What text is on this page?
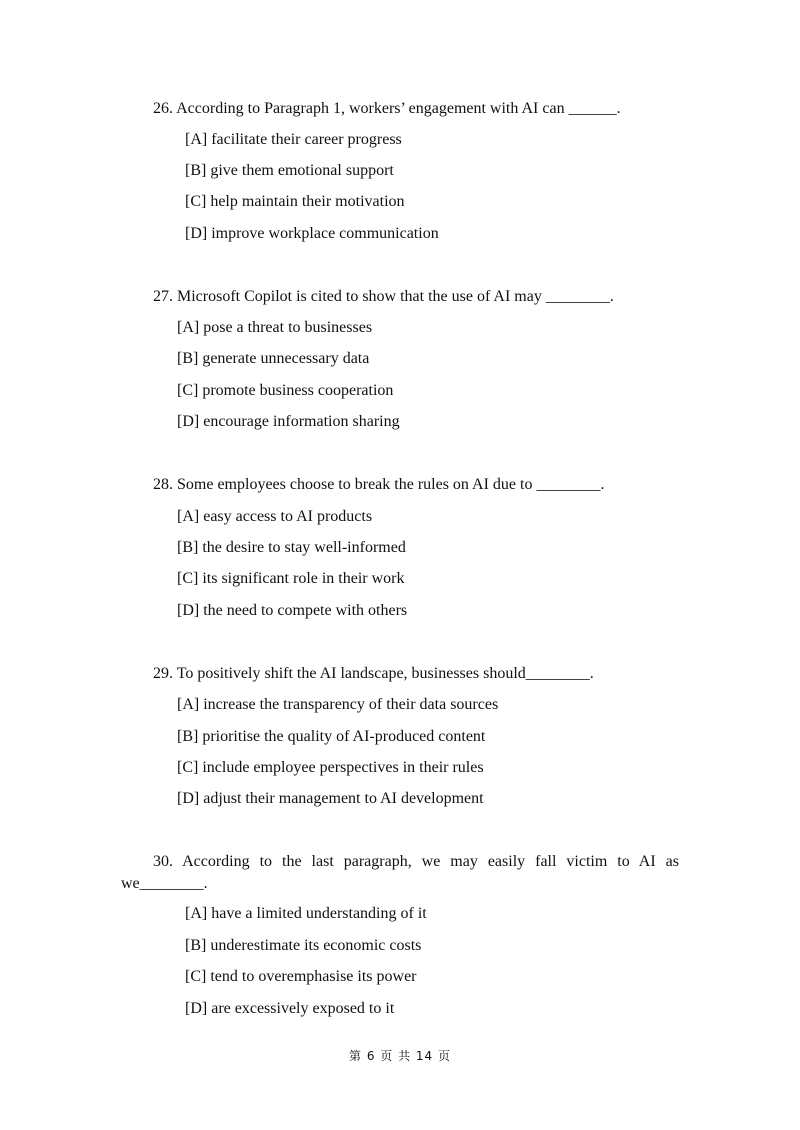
26. According to Paragraph 1, workers’ engagement with AI can ______.
[A] facilitate their career progress
[B] give them emotional support
[C] help maintain their motivation
[D] improve workplace communication
27. Microsoft Copilot is cited to show that the use of AI may ________.
[A] pose a threat to businesses
[B] generate unnecessary data
[C] promote business cooperation
[D] encourage information sharing
28. Some employees choose to break the rules on AI due to ________.
[A] easy access to AI products
[B] the desire to stay well-informed
[C] its significant role in their work
[D] the need to compete with others
29. To positively shift the AI landscape, businesses should________.
[A] increase the transparency of their data sources
[B] prioritise the quality of AI-produced content
[C] include employee perspectives in their rules
[D] adjust their management to AI development
30. According to the last paragraph, we may easily fall victim to AI as
we________.
[A] have a limited understanding of it
[B] underestimate its economic costs
[C] tend to overemphasise its power
[D] are excessively exposed to it
第 6 页 共 14 页
